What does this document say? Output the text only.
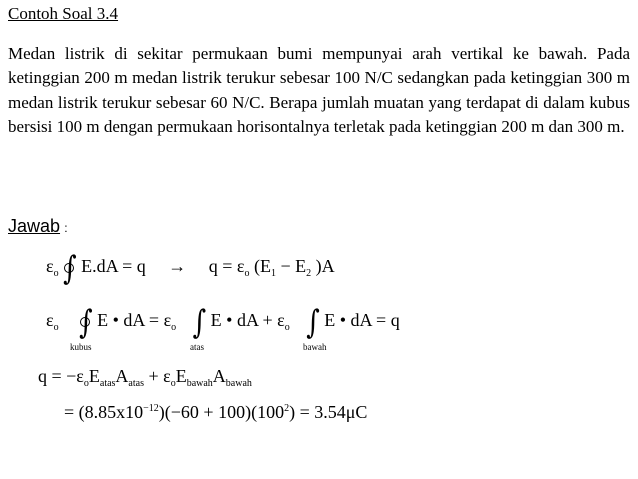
Contoh Soal 3.4

Medan listrik di sekitar permukaan bumi mempunyai arah vertikal ke bawah. Pada ketinggian 200 m medan listrik terukur sebesar 100 N/C sedangkan pada ketinggian 300 m medan listrik terukur sebesar 60 N/C. Berapa jumlah muatan yang terdapat di dalam kubus bersisi 100 m dengan permukaan horisontalnya terletak pada ketinggian 200 m dan 300 m.

Jawab :
$\varepsilon_o$ ∫ $E.dA = q \to q = \varepsilon_o$ ($E_1 - E_2$ )A
$\varepsilon_o$ ∫ E • dA = $\varepsilon_o$ ∫ E • dA + $\varepsilon_o$ ∫ E • dA = q
kubus	atas	bawah
$q = -\varepsilon_oE_{atas}A_{atas} + \varepsilon_oE_{bawah}A_{bawah}$
= $(8.85x10^{-12})(-60 + 100)(100^2) = 3.54\mu C$
